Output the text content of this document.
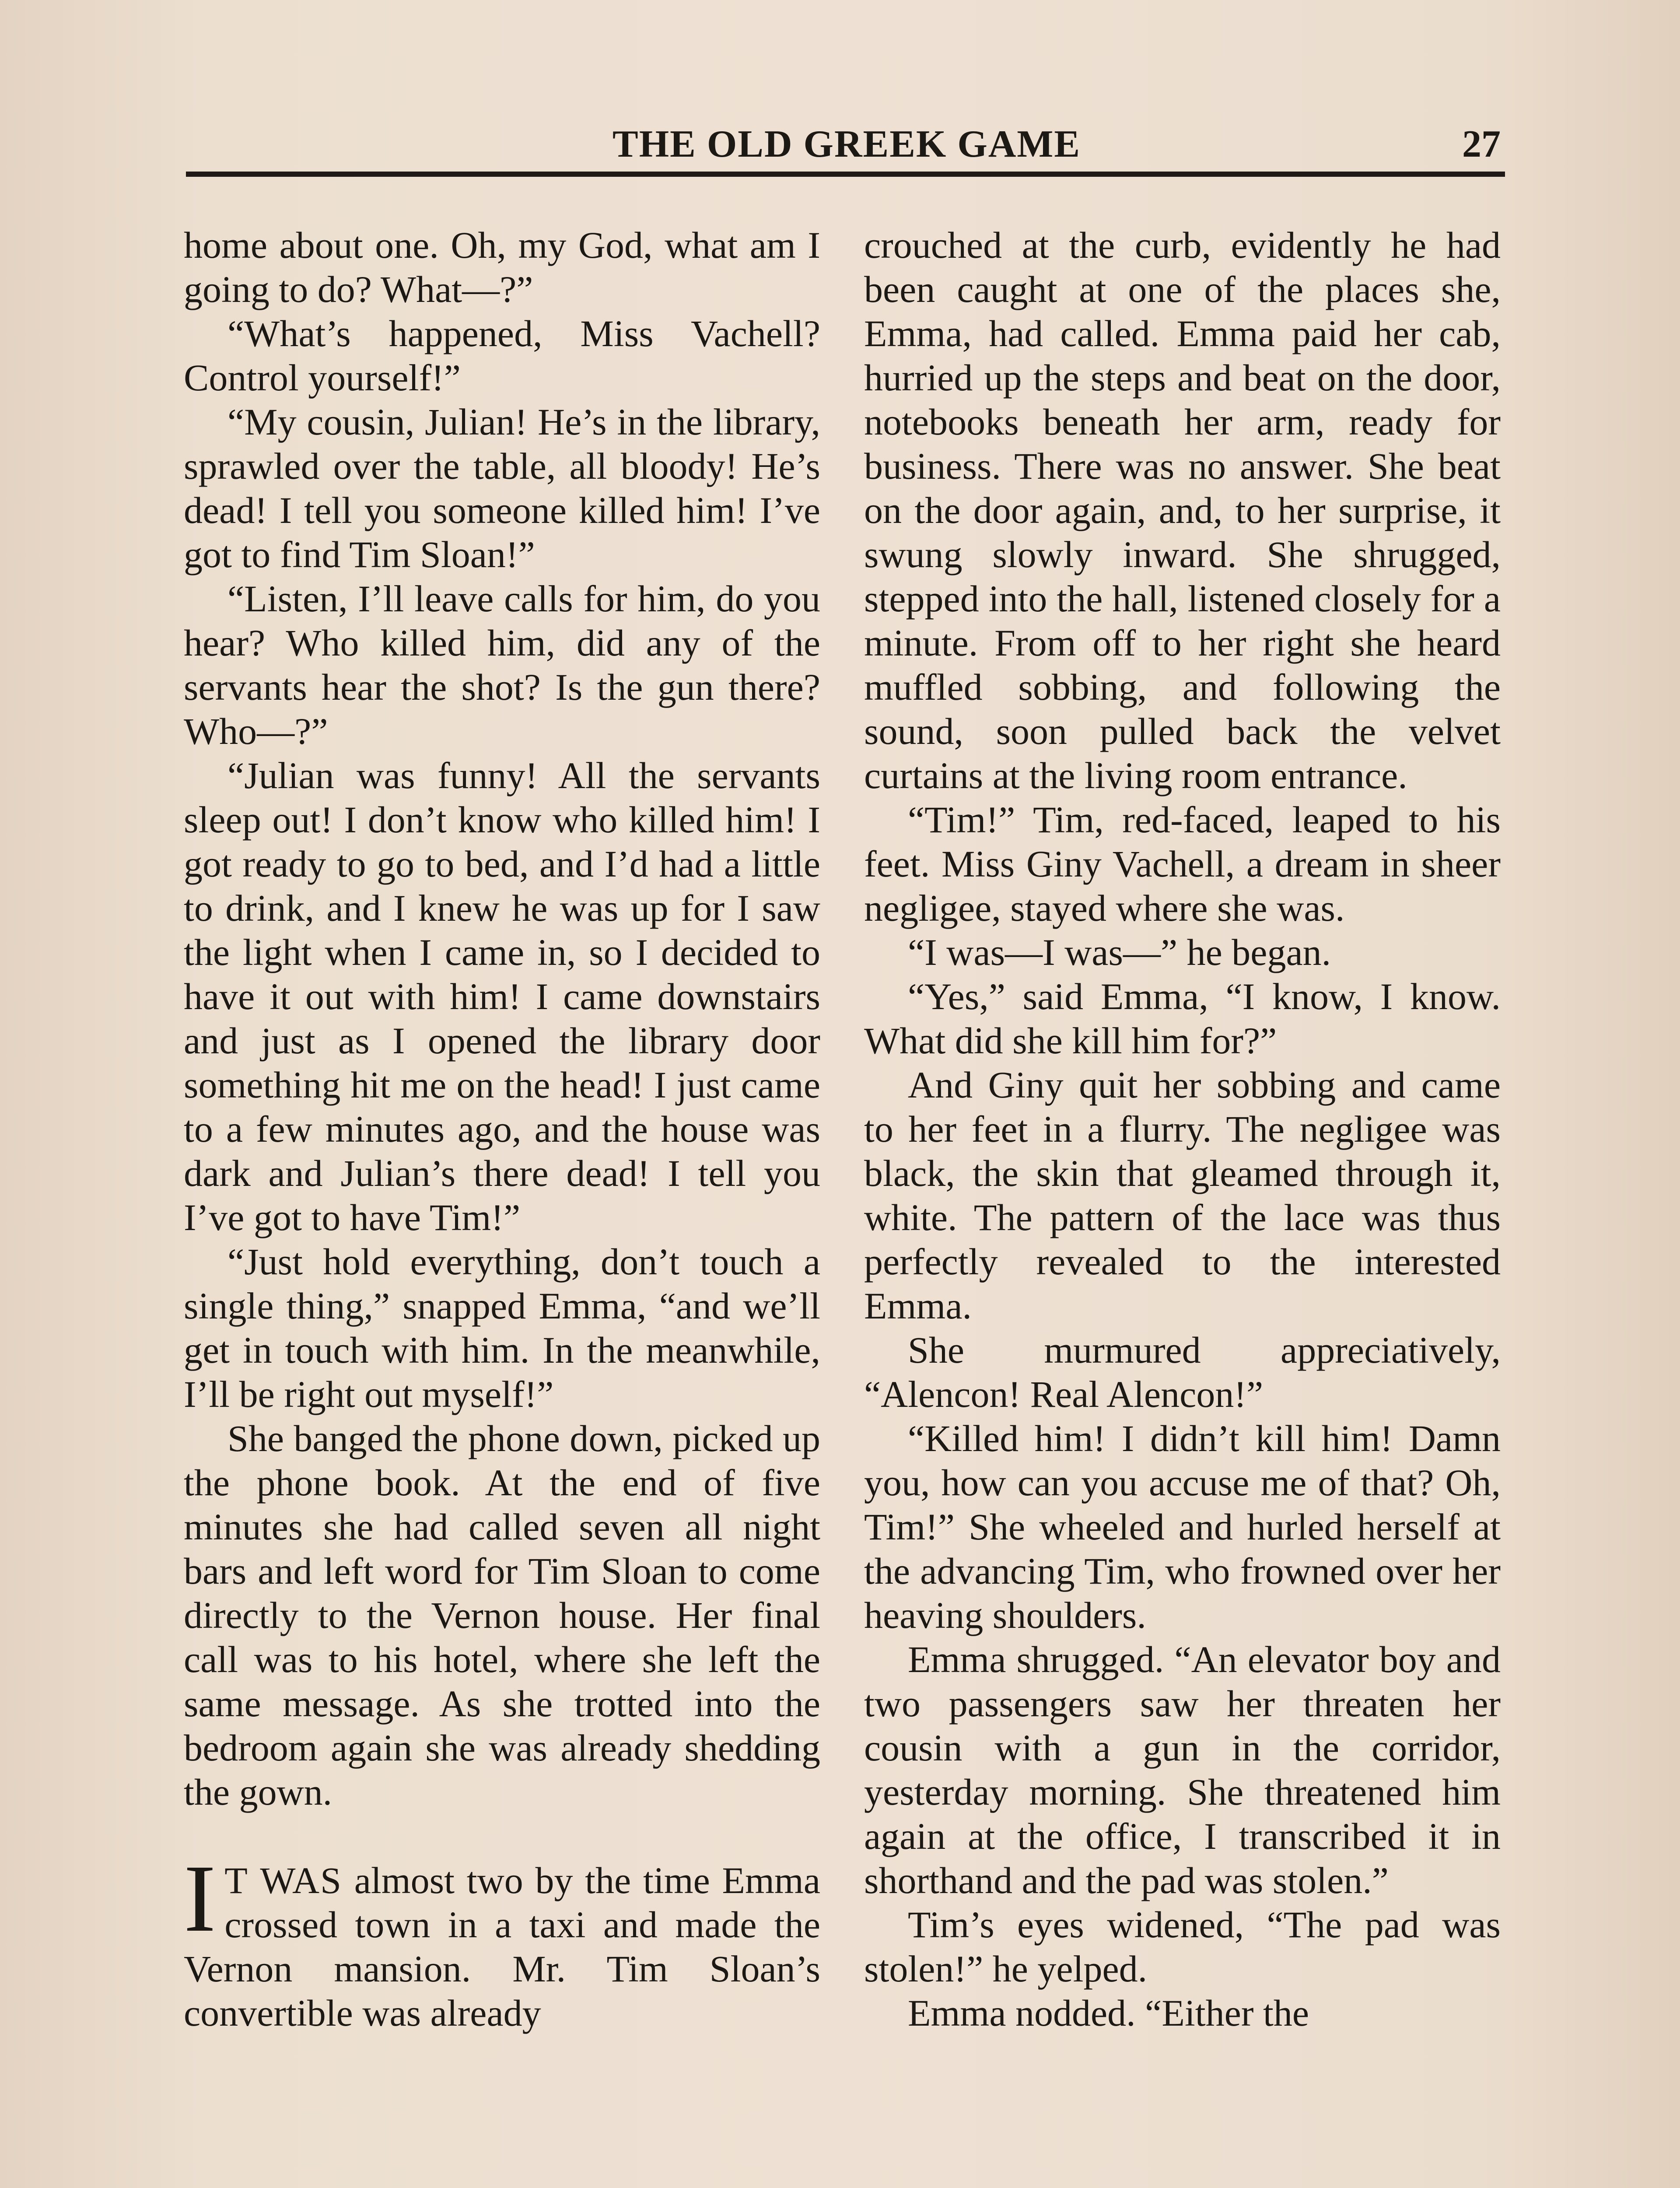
THE OLD GREEK GAME	27

home about one. Oh, my God, what am I going to do? What—?”

“What’s happened, Miss Vachell? Control yourself!”

“My cousin, Julian! He’s in the library, sprawled over the table, all bloody! He’s dead! I tell you someone killed him! I’ve got to find Tim Sloan!”

“Listen, I’ll leave calls for him, do you hear? Who killed him, did any of the servants hear the shot? Is the gun there? Who—?”

“Julian was funny! All the servants sleep out! I don’t know who killed him! I got ready to go to bed, and I’d had a little to drink, and I knew he was up for I saw the light when I came in, so I decided to have it out with him! I came downstairs and just as I opened the library door something hit me on the head! I just came to a few minutes ago, and the house was dark and Julian’s there dead! I tell you I’ve got to have Tim!”

“Just hold everything, don’t touch a single thing,” snapped Emma, “and we’ll get in touch with him. In the meanwhile, I’ll be right out myself!”

She banged the phone down, picked up the phone book. At the end of five minutes she had called seven all night bars and left word for Tim Sloan to come directly to the Vernon house. Her final call was to his hotel, where she left the same message. As she trotted into the bedroom again she was already shedding the gown.

I T WAS almost two by the time Emma crossed town in a taxi and made the Vernon mansion. Mr. Tim Sloan’s convertible was already

crouched at the curb, evidently he had been caught at one of the places she, Emma, had called. Emma paid her cab, hurried up the steps and beat on the door, notebooks beneath her arm, ready for business. There was no answer. She beat on the door again, and, to her surprise, it swung slowly inward. She shrugged, stepped into the hall, listened closely for a minute. From off to her right she heard muffled sobbing, and following the sound, soon pulled back the velvet curtains at the living room entrance.

“Tim!” Tim, red-faced, leaped to his feet. Miss Giny Vachell, a dream in sheer negligee, stayed where she was.

“I was—I was—” he began.

“Yes,” said Emma, “I know, I know. What did she kill him for?”

And Giny quit her sobbing and came to her feet in a flurry. The negligee was black, the skin that gleamed through it, white. The pattern of the lace was thus perfectly revealed to the interested Emma.

She murmured appreciatively, “Alencon! Real Alencon!”

“Killed him! I didn’t kill him! Damn you, how can you accuse me of that? Oh, Tim!” She wheeled and hurled herself at the advancing Tim, who frowned over her heaving shoulders.

Emma shrugged. “An elevator boy and two passengers saw her threaten her cousin with a gun in the corridor, yesterday morning. She threatened him again at the office, I transcribed it in shorthand and the pad was stolen.”

Tim’s eyes widened, “The pad was stolen!” he yelped.

Emma nodded. “Either the
